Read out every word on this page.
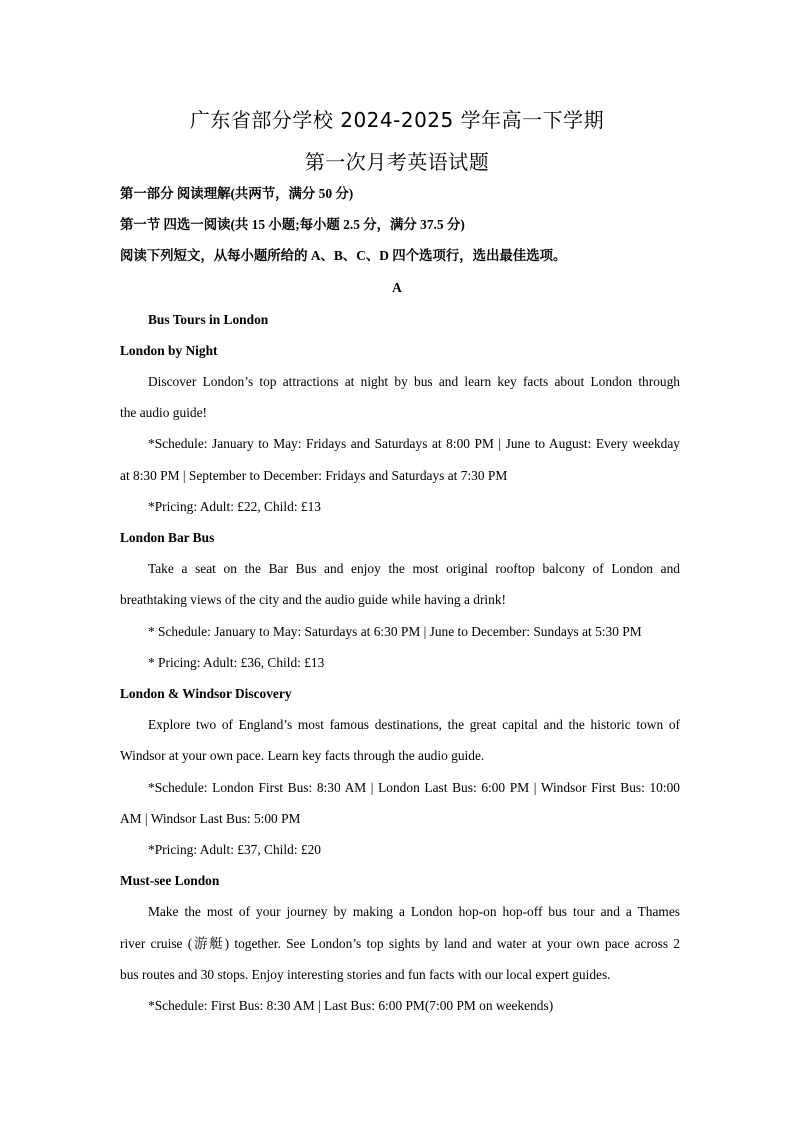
广东省部分学校 2024-2025 学年高一下学期
第一次月考英语试题
第一部分 阅读理解(共两节，满分 50 分)
第一节 四选一阅读(共 15 小题;每小题 2.5 分，满分 37.5 分)
阅读下列短文，从每小题所给的 A、B、C、D 四个选项行，选出最佳选项。
A
Bus Tours in London
London by Night
Discover London’s top attractions at night by bus and learn key facts about London through
the audio guide!
*Schedule: January to May: Fridays and Saturdays at 8:00 PM | June to August: Every weekday
at 8:30 PM | September to December: Fridays and Saturdays at 7:30 PM
*Pricing: Adult: £22, Child: £13
London Bar Bus
Take a seat on the Bar Bus and enjoy the most original rooftop balcony of London and
breathtaking views of the city and the audio guide while having a drink!
* Schedule: January to May: Saturdays at 6:30 PM | June to December: Sundays at 5:30 PM
* Pricing: Adult: £36, Child: £13
London & Windsor Discovery
Explore two of England’s most famous destinations, the great capital and the historic town of
Windsor at your own pace. Learn key facts through the audio guide.
*Schedule: London First Bus: 8:30 AM | London Last Bus: 6:00 PM | Windsor First Bus: 10:00
AM | Windsor Last Bus: 5:00 PM
*Pricing: Adult: £37, Child: £20
Must-see London
Make the most of your journey by making a London hop-on hop-off bus tour and a Thames
river cruise (游艇) together. See London’s top sights by land and water at your own pace across 2
bus routes and 30 stops. Enjoy interesting stories and fun facts with our local expert guides.
*Schedule: First Bus: 8:30 AM | Last Bus: 6:00 PM(7:00 PM on weekends)
